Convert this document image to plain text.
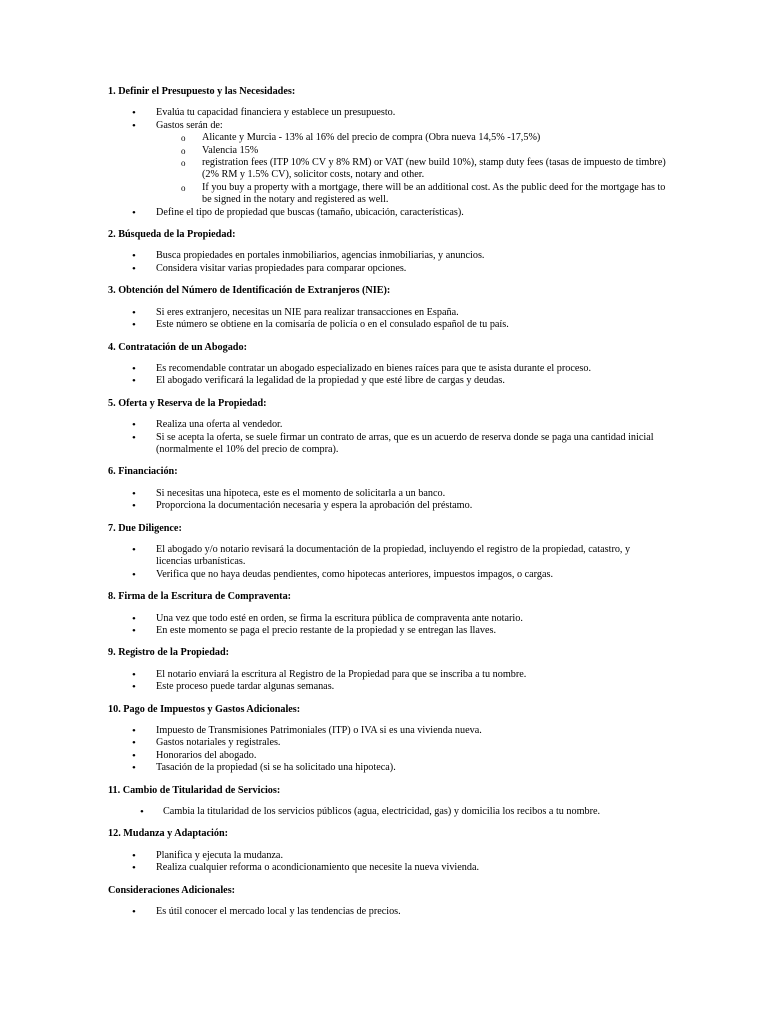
1. Definir el Presupuesto y las Necesidades:

• Evalúa tu capacidad financiera y establece un presupuesto.
• Gastos serán de:
o Alicante y Murcia - 13% al 16% del precio de compra (Obra nueva 14,5% -17,5%)
o Valencia 15%
o registration fees (ITP 10% CV y 8% RM) or VAT (new build 10%), stamp duty fees (tasas de impuesto de timbre) (2% RM y 1.5% CV), solicitor costs, notary and other.
o If you buy a property with a mortgage, there will be an additional cost. As the public deed for the mortgage has to be signed in the notary and registered as well.
• Define el tipo de propiedad que buscas (tamaño, ubicación, características).

2. Búsqueda de la Propiedad:

• Busca propiedades en portales inmobiliarios, agencias inmobiliarias, y anuncios.
• Considera visitar varias propiedades para comparar opciones.

3. Obtención del Número de Identificación de Extranjeros (NIE):

• Si eres extranjero, necesitas un NIE para realizar transacciones en España.
• Este número se obtiene en la comisaría de policía o en el consulado español de tu país.

4. Contratación de un Abogado:

• Es recomendable contratar un abogado especializado en bienes raíces para que te asista durante el proceso.
• El abogado verificará la legalidad de la propiedad y que esté libre de cargas y deudas.

5. Oferta y Reserva de la Propiedad:

• Realiza una oferta al vendedor.
• Si se acepta la oferta, se suele firmar un contrato de arras, que es un acuerdo de reserva donde se paga una cantidad inicial (normalmente el 10% del precio de compra).

6. Financiación:

• Si necesitas una hipoteca, este es el momento de solicitarla a un banco.
• Proporciona la documentación necesaria y espera la aprobación del préstamo.

7. Due Diligence:

• El abogado y/o notario revisará la documentación de la propiedad, incluyendo el registro de la propiedad, catastro, y licencias urbanísticas.
• Verifica que no haya deudas pendientes, como hipotecas anteriores, impuestos impagos, o cargas.

8. Firma de la Escritura de Compraventa:

• Una vez que todo esté en orden, se firma la escritura pública de compraventa ante notario.
• En este momento se paga el precio restante de la propiedad y se entregan las llaves.

9. Registro de la Propiedad:

• El notario enviará la escritura al Registro de la Propiedad para que se inscriba a tu nombre.
• Este proceso puede tardar algunas semanas.

10. Pago de Impuestos y Gastos Adicionales:

• Impuesto de Transmisiones Patrimoniales (ITP) o IVA si es una vivienda nueva.
• Gastos notariales y registrales.
• Honorarios del abogado.
• Tasación de la propiedad (si se ha solicitado una hipoteca).

11. Cambio de Titularidad de Servicios:

• Cambia la titularidad de los servicios públicos (agua, electricidad, gas) y domicilia los recibos a tu nombre.

12. Mudanza y Adaptación:

• Planifica y ejecuta la mudanza.
• Realiza cualquier reforma o acondicionamiento que necesite la nueva vivienda.

Consideraciones Adicionales:

• Es útil conocer el mercado local y las tendencias de precios.
